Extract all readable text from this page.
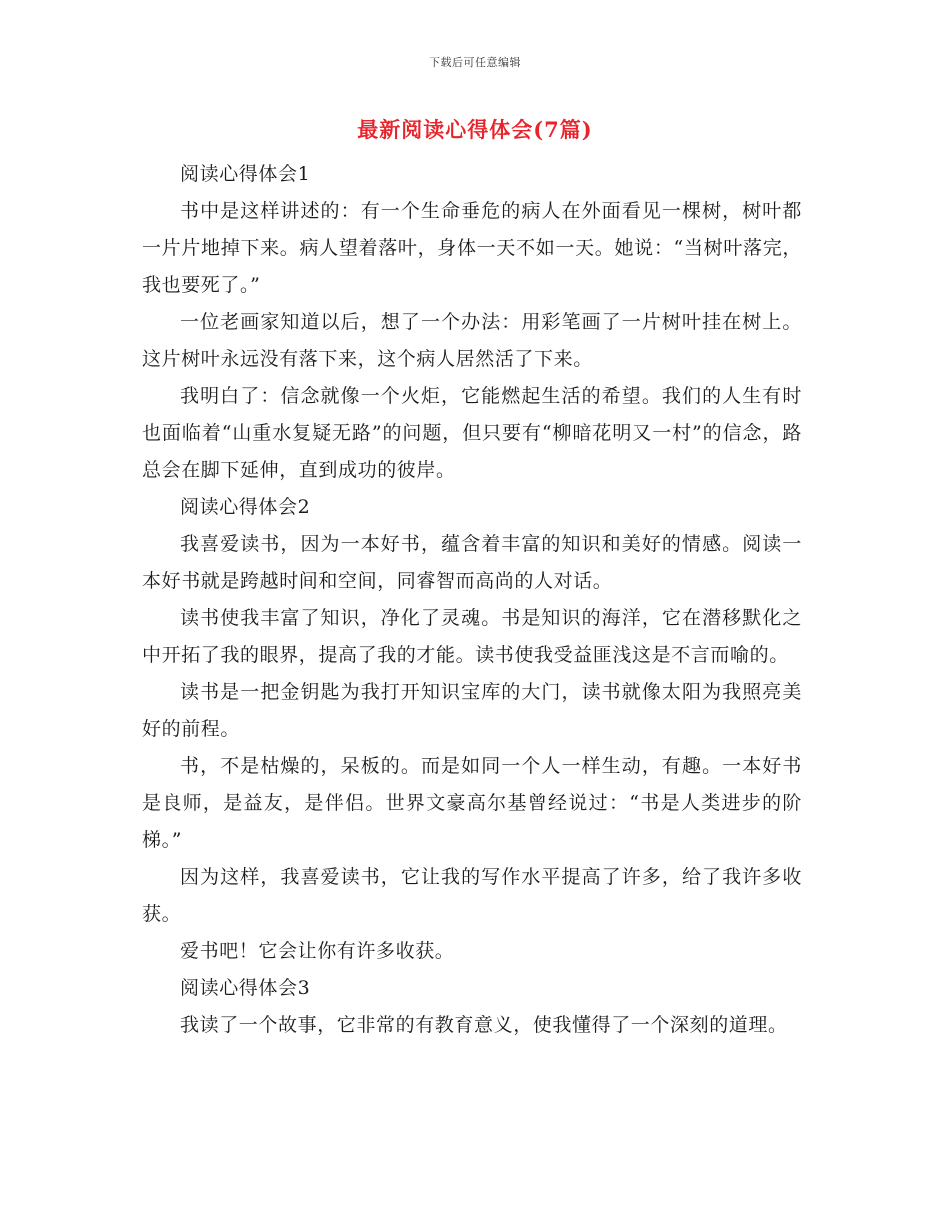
下载后可任意编辑
最新阅读心得体会(7篇)

阅读心得体会1

书中是这样讲述的：有一个生命垂危的病人在外面看见一棵树，树叶都一片片地掉下来。病人望着落叶，身体一天不如一天。她说：“当树叶落完，我也要死了。”

一位老画家知道以后，想了一个办法：用彩笔画了一片树叶挂在树上。这片树叶永远没有落下来，这个病人居然活了下来。

我明白了：信念就像一个火炬，它能燃起生活的希望。我们的人生有时也面临着“山重水复疑无路”的问题，但只要有“柳暗花明又一村”的信念，路总会在脚下延伸，直到成功的彼岸。

阅读心得体会2

我喜爱读书，因为一本好书，蕴含着丰富的知识和美好的情感。阅读一本好书就是跨越时间和空间，同睿智而高尚的人对话。

读书使我丰富了知识，净化了灵魂。书是知识的海洋，它在潜移默化之中开拓了我的眼界，提高了我的才能。读书使我受益匪浅这是不言而喻的。

读书是一把金钥匙为我打开知识宝库的大门，读书就像太阳为我照亮美好的前程。

书，不是枯燥的，呆板的。而是如同一个人一样生动，有趣。一本好书是良师，是益友，是伴侣。世界文豪高尔基曾经说过：“书是人类进步的阶梯。”

因为这样，我喜爱读书，它让我的写作水平提高了许多，给了我许多收获。

爱书吧！它会让你有许多收获。

阅读心得体会3

我读了一个故事，它非常的有教育意义，使我懂得了一个深刻的道理。
